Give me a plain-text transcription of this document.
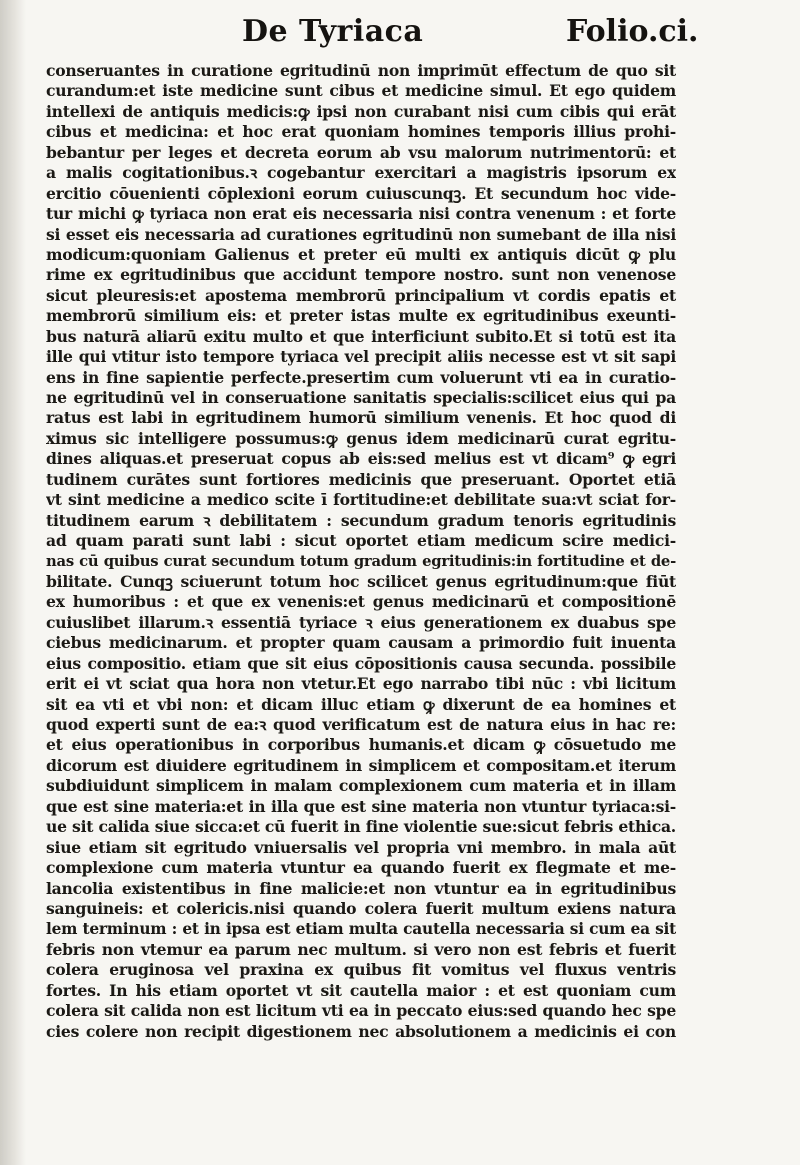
De Tyriaca	Folio.ci.
conseruantes in curatione egritudinū non imprimūt effectum de quo sit
curandum:et iste medicine sunt cibus et medicine simul. Et ego quidem
intellexi de antiquis medicis:ꝙ ipsi non curabant nisi cum cibis qui erāt
cibus et medicina: et hoc erat quoniam homines temporis illius prohi-
bebantur per leges et decreta eorum ab vsu malorum nutrimentorū: et
a malis cogitationibus.ꝛ cogebantur exercitari a magistris ipsorum ex
ercitio cōuenienti cōplexioni eorum cuiuscunqꝫ. Et secundum hoc vide-
tur michi ꝙ tyriaca non erat eis necessaria nisi contra venenum : et forte
si esset eis necessaria ad curationes egritudinū non sumebant de illa nisi
modicum:quoniam Galienus et preter eū multi ex antiquis dicūt ꝙ plu
rime ex egritudinibus que accidunt tempore nostro. sunt non venenose
sicut pleuresis:et apostema membrorū principalium vt cordis epatis et
membrorū similium eis: et preter istas multe ex egritudinibus exeunti-
bus naturā aliarū exitu multo et que interficiunt subito.Et si totū est ita
ille qui vtitur isto tempore tyriaca vel precipit aliis necesse est vt sit sapi
ens in fine sapientie perfecte.presertim cum voluerunt vti ea in curatio-
ne egritudinū vel in conseruatione sanitatis specialis:scilicet eius qui pa
ratus est labi in egritudinem humorū similium venenis. Et hoc quod di
ximus sic intelligere possumus:ꝙ genus idem medicinarū curat egritu-
dines aliquas.et preseruat copus ab eis:sed melius est vt dicam⁹ ꝙ egri
tudinem curātes sunt fortiores medicinis que preseruant. Oportet etiā
vt sint medicine a medico scite ī fortitudine:et debilitate sua:vt sciat for-
titudinem earum ꝛ debilitatem : secundum gradum tenoris egritudinis
ad quam parati sunt labi : sicut oportet etiam medicum scire medici-
nas cū quibus curat secundum totum gradum egritudinis:in fortitudine et de-
bilitate. Cunqꝫ sciuerunt totum hoc scilicet genus egritudinum:que fiūt
ex humoribus : et que ex venenis:et genus medicinarū et compositionē
cuiuslibet illarum.ꝛ essentiā tyriace ꝛ eius generationem ex duabus spe
ciebus medicinarum. et propter quam causam a primordio fuit inuenta
eius compositio. etiam que sit eius cōpositionis causa secunda. possibile
erit ei vt sciat qua hora non vtetur.Et ego narrabo tibi nūc : vbi licitum
sit ea vti et vbi non: et dicam illuc etiam ꝙ dixerunt de ea homines et
quod experti sunt de ea:ꝛ quod verificatum est de natura eius in hac re:
et eius operationibus in corporibus humanis.et dicam ꝙ cōsuetudo me
dicorum est diuidere egritudinem in simplicem et compositam.et iterum
subdiuidunt simplicem in malam complexionem cum materia et in illam
que est sine materia:et in illa que est sine materia non vtuntur tyriaca:si-
ue sit calida siue sicca:et cū fuerit in fine violentie sue:sicut febris ethica.
siue etiam sit egritudo vniuersalis vel propria vni membro. in mala aūt
complexione cum materia vtuntur ea quando fuerit ex flegmate et me-
lancolia existentibus in fine malicie:et non vtuntur ea in egritudinibus
sanguineis: et colericis.nisi quando colera fuerit multum exiens natura
lem terminum : et in ipsa est etiam multa cautella necessaria si cum ea sit
febris non vtemur ea parum nec multum. si vero non est febris et fuerit
colera eruginosa vel praxina ex quibus fit vomitus vel fluxus ventris
fortes. In his etiam oportet vt sit cautella maior : et est quoniam cum
colera sit calida non est licitum vti ea in peccato eius:sed quando hec spe
cies colere non recipit digestionem nec absolutionem a medicinis ei con
